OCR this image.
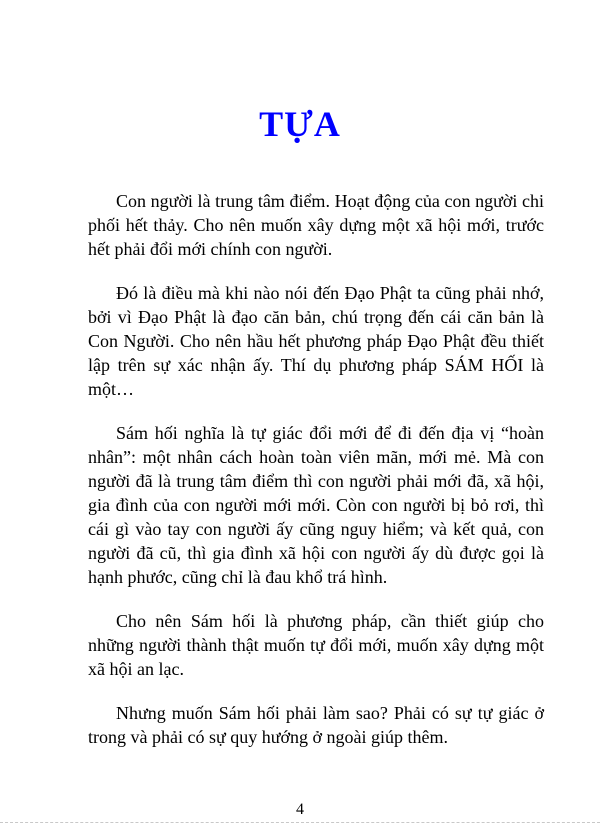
TỰA

Con người là trung tâm điểm. Hoạt động của con người chi phối hết thảy. Cho nên muốn xây dựng một xã hội mới, trước hết phải đổi mới chính con người.

Đó là điều mà khi nào nói đến Đạo Phật ta cũng phải nhớ, bởi vì Đạo Phật là đạo căn bản, chú trọng đến cái căn bản là Con Người. Cho nên hầu hết phương pháp Đạo Phật đều thiết lập trên sự xác nhận ấy. Thí dụ phương pháp SÁM HỐI là một…

Sám hối nghĩa là tự giác đổi mới để đi đến địa vị “hoàn nhân”: một nhân cách hoàn toàn viên mãn, mới mẻ. Mà con người đã là trung tâm điểm thì con người phải mới đã, xã hội, gia đình của con người mới mới. Còn con người bị bỏ rơi, thì cái gì vào tay con người ấy cũng nguy hiểm; và kết quả, con người đã cũ, thì gia đình xã hội con người ấy dù được gọi là hạnh phước, cũng chỉ là đau khổ trá hình.

Cho nên Sám hối là phương pháp, cần thiết giúp cho những người thành thật muốn tự đổi mới, muốn xây dựng một xã hội an lạc.

Nhưng muốn Sám hối phải làm sao? Phải có sự tự giác ở trong và phải có sự quy hướng ở ngoài giúp thêm.

4
